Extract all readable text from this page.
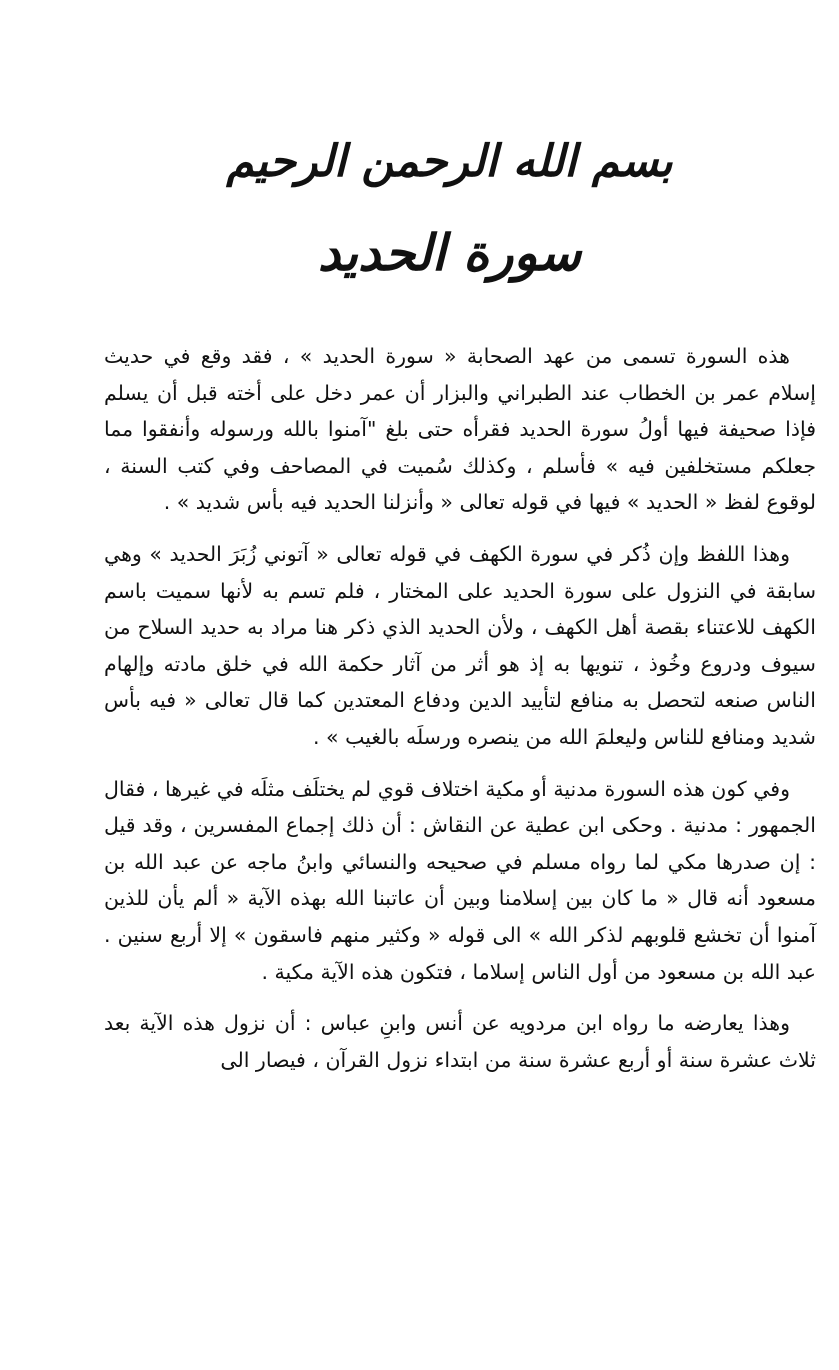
بسم الله الرحمن الرحيم
سورة الحديد

هذه السورة تسمى من عهد الصحابة « سورة الحديد » ، فقد وقع في حديث إسلام عمر بن الخطاب عند الطبراني والبزار أن عمر دخل على أخته قبل أن يسلم فإذا صحيفة فيها أولُ سورة الحديد فقرأه حتى بلغ "آمنوا بالله ورسوله وأنفقوا مما جعلكم مستخلفين فيه » فأسلم ، وكذلك سُميت في المصاحف وفي كتب السنة ، لوقوع لفظ « الحديد » فيها في قوله تعالى « وأنزلنا الحديد فيه بأس شديد » .

وهذا اللفظ وإن ذُكر في سورة الكهف في قوله تعالى « آتوني زُبَرَ الحديد » وهي سابقة في النزول على سورة الحديد على المختار ، فلم تسم به لأنها سميت باسم الكهف للاعتناء بقصة أهل الكهف ، ولأن الحديد الذي ذكر هنا مراد به حديد السلاح من سيوف ودروع وخُوذ ، تنويها به إذ هو أثر من آثار حكمة الله في خلق مادته وإلهام الناس صنعه لتحصل به منافع لتأييد الدين ودفاع المعتدين كما قال تعالى « فيه بأس شديد ومنافع للناس وليعلمَ الله من ينصره ورسلَه بالغيب » .

وفي كون هذه السورة مدنية أو مكية اختلاف قوي لم يختلَف مثلَه في غيرها ، فقال الجمهور : مدنية . وحكى ابن عطية عن النقاش : أن ذلك إجماع المفسرين ، وقد قيل : إن صدرها مكي لما رواه مسلم في صحيحه والنسائي وابنُ ماجه عن عبد الله بن مسعود أنه قال « ما كان بين إسلامنا وبين أن عاتبنا الله بهذه الآية « ألم يأن للذين آمنوا أن تخشع قلوبهم لذكر الله » الى قوله « وكثير منهم فاسقون » إلا أربع سنين . عبد الله بن مسعود من أول الناس إسلاما ، فتكون هذه الآية مكية .

وهذا يعارضه ما رواه ابن مردويه عن أنس وابنِ عباس : أن نزول هذه الآية بعد ثلاث عشرة سنة أو أربع عشرة سنة من ابتداء نزول القرآن ، فيصار الى
